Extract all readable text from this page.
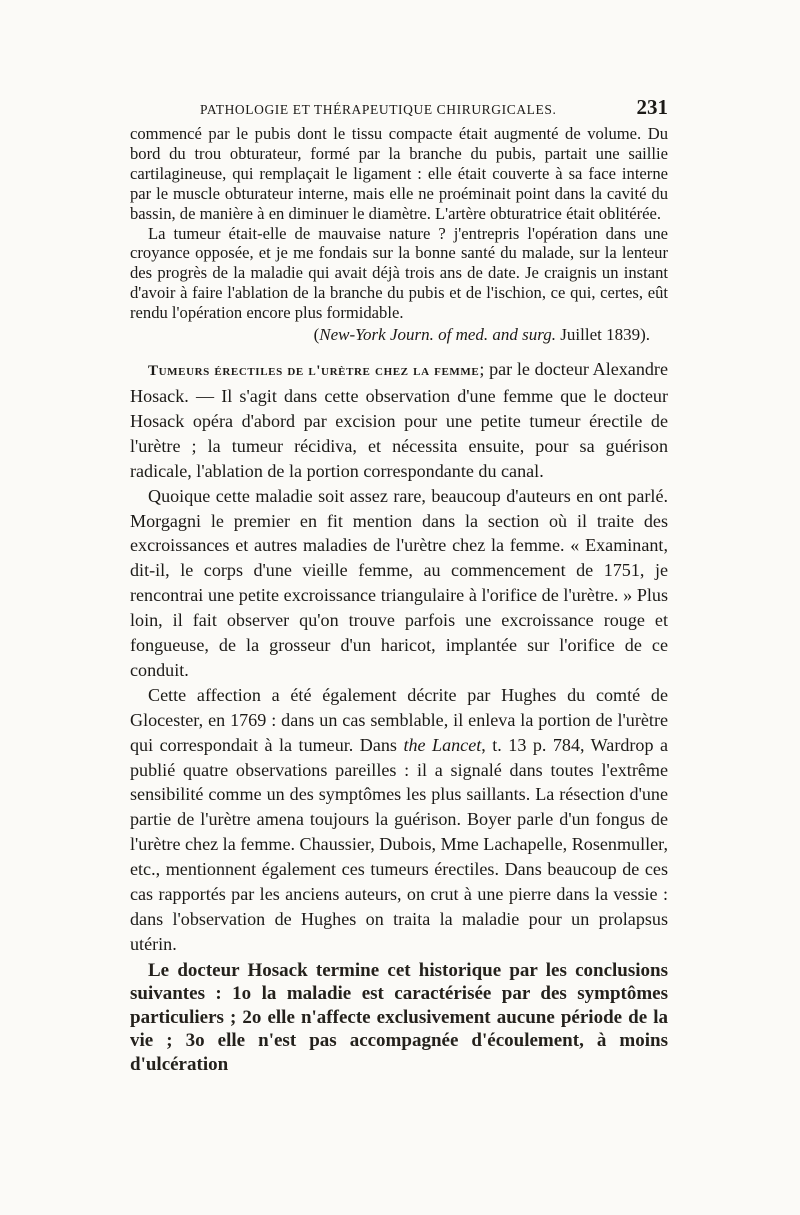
PATHOLOGIE ET THÉRAPEUTIQUE CHIRURGICALES.	231

commencé par le pubis dont le tissu compacte était augmenté de volume. Du bord du trou obturateur, formé par la branche du pubis, partait une saillie cartilagineuse, qui remplaçait le ligament : elle était couverte à sa face interne par le muscle obturateur interne, mais elle ne proéminait point dans la cavité du bassin, de manière à en diminuer le diamètre. L'artère obturatrice était oblitérée.

La tumeur était-elle de mauvaise nature ? j'entrepris l'opération dans une croyance opposée, et je me fondais sur la bonne santé du malade, sur la lenteur des progrès de la maladie qui avait déjà trois ans de date. Je craignis un instant d'avoir à faire l'ablation de la branche du pubis et de l'ischion, ce qui, certes, eût rendu l'opération encore plus formidable.

(New-York Journ. of med. and surg. Juillet 1839).

Tumeurs érectiles de l'urètre chez la femme; par le docteur Alexandre Hosack. — Il s'agit dans cette observation d'une femme que le docteur Hosack opéra d'abord par excision pour une petite tumeur érectile de l'urètre ; la tumeur récidiva, et nécessita ensuite, pour sa guérison radicale, l'ablation de la portion correspondante du canal.

Quoique cette maladie soit assez rare, beaucoup d'auteurs en ont parlé. Morgagni le premier en fit mention dans la section où il traite des excroissances et autres maladies de l'urètre chez la femme. « Examinant, dit-il, le corps d'une vieille femme, au commencement de 1751, je rencontrai une petite excroissance triangulaire à l'orifice de l'urètre. » Plus loin, il fait observer qu'on trouve parfois une excroissance rouge et fongueuse, de la grosseur d'un haricot, implantée sur l'orifice de ce conduit.

Cette affection a été également décrite par Hughes du comté de Glocester, en 1769 : dans un cas semblable, il enleva la portion de l'urètre qui correspondait à la tumeur. Dans the Lancet, t. 13 p. 784, Wardrop a publié quatre observations pareilles : il a signalé dans toutes l'extrême sensibilité comme un des symptômes les plus saillants. La résection d'une partie de l'urètre amena toujours la guérison. Boyer parle d'un fongus de l'urètre chez la femme. Chaussier, Dubois, Mme Lachapelle, Rosenmuller, etc., mentionnent également ces tumeurs érectiles. Dans beaucoup de ces cas rapportés par les anciens auteurs, on crut à une pierre dans la vessie : dans l'observation de Hughes on traita la maladie pour un prolapsus utérin.

Le docteur Hosack termine cet historique par les conclusions suivantes : 1o la maladie est caractérisée par des symptômes particuliers ; 2o elle n'affecte exclusivement aucune période de la vie ; 3o elle n'est pas accompagnée d'écoulement, à moins d'ulcération
